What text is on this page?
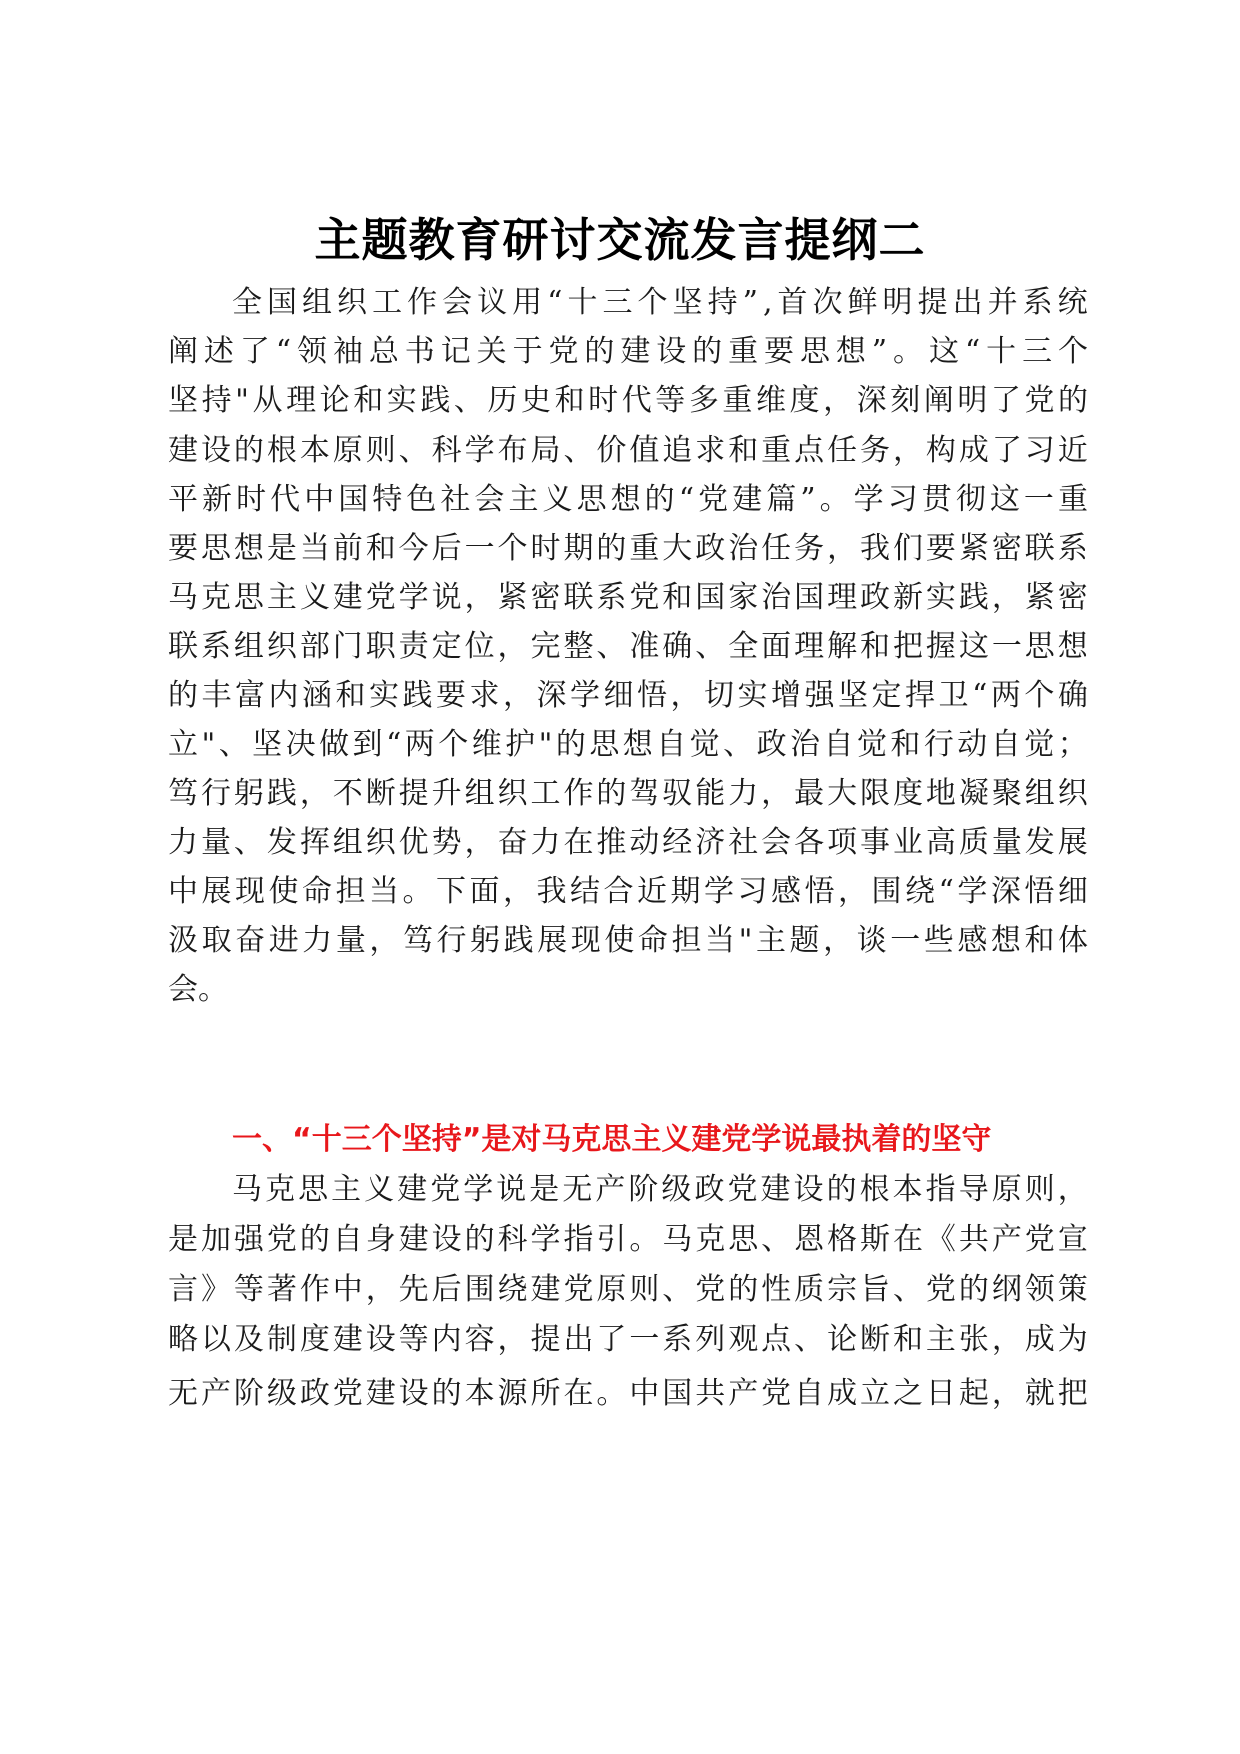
主题教育研讨交流发言提纲二
全 国 组 织 工 作 会 议 用 “ 十 三 个 坚 持 ” , 首 次 鲜 明 提 出 并 系 统
阐 述 了 “ 领 袖 总 书 记 关 于 党 的 建 设 的 重 要 思 想 ” 。 这 “ 十 三 个
坚 持 " 从 理 论 和 实 践 、 历 史 和 时 代 等 多 重 维 度 ， 深 刻 阐 明 了 党 的
建 设 的 根 本 原 则 、 科 学 布 局 、 价 值 追 求 和 重 点 任 务 ， 构 成 了 习 近
平 新 时 代 中 国 特 色 社 会 主 义 思 想 的 “ 党 建 篇 ” 。 学 习 贯 彻 这 一 重
要 思 想 是 当 前 和 今 后 一 个 时 期 的 重 大 政 治 任 务 ， 我 们 要 紧 密 联 系
马 克 思 主 义 建 党 学 说 ， 紧 密 联 系 党 和 国 家 治 国 理 政 新 实 践 ， 紧 密
联 系 组 织 部 门 职 责 定 位 ， 完 整 、 准 确 、 全 面 理 解 和 把 握 这 一 思 想
的 丰 富 内 涵 和 实 践 要 求 ， 深 学 细 悟 ， 切 实 增 强 坚 定 捍 卫 “ 两 个 确
立 " 、 坚 决 做 到 “ 两 个 维 护 " 的 思 想 自 觉 、 政 治 自 觉 和 行 动 自 觉 ；
笃 行 躬 践 ， 不 断 提 升 组 织 工 作 的 驾 驭 能 力 ， 最 大 限 度 地 凝 聚 组 织
力 量 、 发 挥 组 织 优 势 ， 奋 力 在 推 动 经 济 社 会 各 项 事 业 高 质 量 发 展
中 展 现 使 命 担 当 。 下 面 ， 我 结 合 近 期 学 习 感 悟 ， 围 绕 “ 学 深 悟 细
汲 取 奋 进 力 量 ， 笃 行 躬 践 展 现 使 命 担 当 " 主 题 ， 谈 一 些 感 想 和 体
会。
一、“十三个坚持”是对马克思主义建党学说最执着的坚守
马 克 思 主 义 建 党 学 说 是 无 产 阶 级 政 党 建 设 的 根 本 指 导 原 则 ，
是 加 强 党 的 自 身 建 设 的 科 学 指 引 。 马 克 思 、 恩 格 斯 在 《 共 产 党 宣
言 》 等 著 作 中 ， 先 后 围 绕 建 党 原 则 、 党 的 性 质 宗 旨 、 党 的 纲 领 策
略 以 及 制 度 建 设 等 内 容 ， 提 出 了 一 系 列 观 点 、 论 断 和 主 张 ， 成 为
无 产 阶 级 政 党 建 设 的 本 源 所 在 。 中 国 共 产 党 自 成 立 之 日 起 ， 就 把
